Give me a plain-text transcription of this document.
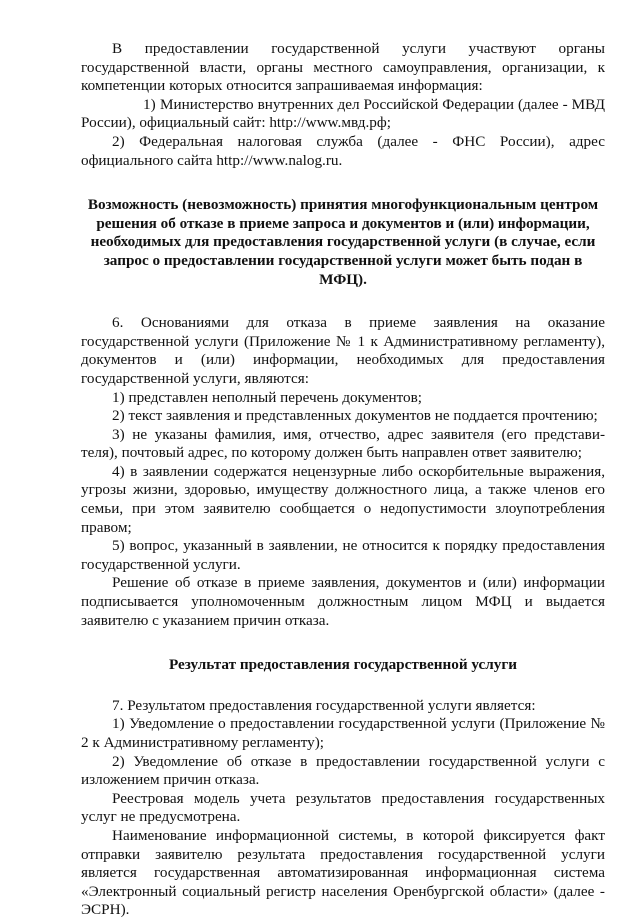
В предоставлении государственной услуги участвуют органы государственной власти, органы местного самоуправления, организации, к компетенции которых относится запрашиваемая информация:

1) Министерство внутренних дел Российской Федерации (далее - МВД России), официальный сайт: http://www.мвд.рф;

2) Федеральная налоговая служба (далее - ФНС России), адрес официального сайта http://www.nalog.ru.

Возможность (невозможность) принятия многофункциональным центром решения об отказе в приеме запроса и документов и (или) информации, необходимых для предоставления государственной услуги (в случае, если запрос о предоставлении государственной услуги может быть подан в МФЦ).

6. Основаниями для отказа в приеме заявления на оказание государственной услуги (Приложение № 1 к Административному регламенту), документов и (или) информации, необходимых для предоставления государственной услуги, являются:

1) представлен неполный перечень документов;

2) текст заявления и представленных документов не поддается прочтению;

3) не указаны фамилия, имя, отчество, адрес заявителя (его представи-теля), почтовый адрес, по которому должен быть направлен ответ заявителю;

4) в заявлении содержатся нецензурные либо оскорбительные выражения, угрозы жизни, здоровью, имуществу должностного лица, а также членов его семьи, при этом заявителю сообщается о недопустимости злоупотребления правом;

5) вопрос, указанный в заявлении, не относится к порядку предоставления государственной услуги.

Решение об отказе в приеме заявления, документов и (или) информации подписывается уполномоченным должностным лицом МФЦ и выдается заявителю с указанием причин отказа.

Результат предоставления государственной услуги

7. Результатом предоставления государственной услуги является:

1) Уведомление о предоставлении государственной услуги (Приложение № 2 к Административному регламенту);

2) Уведомление об отказе в предоставлении государственной услуги с изложением причин отказа.

Реестровая модель учета результатов предоставления государственных услуг не предусмотрена.

Наименование информационной системы, в которой фиксируется факт отправки заявителю результата предоставления государственной услуги является государственная автоматизированная информационная система «Электронный социальный регистр населения Оренбургской области» (далее - ЭСРН).
